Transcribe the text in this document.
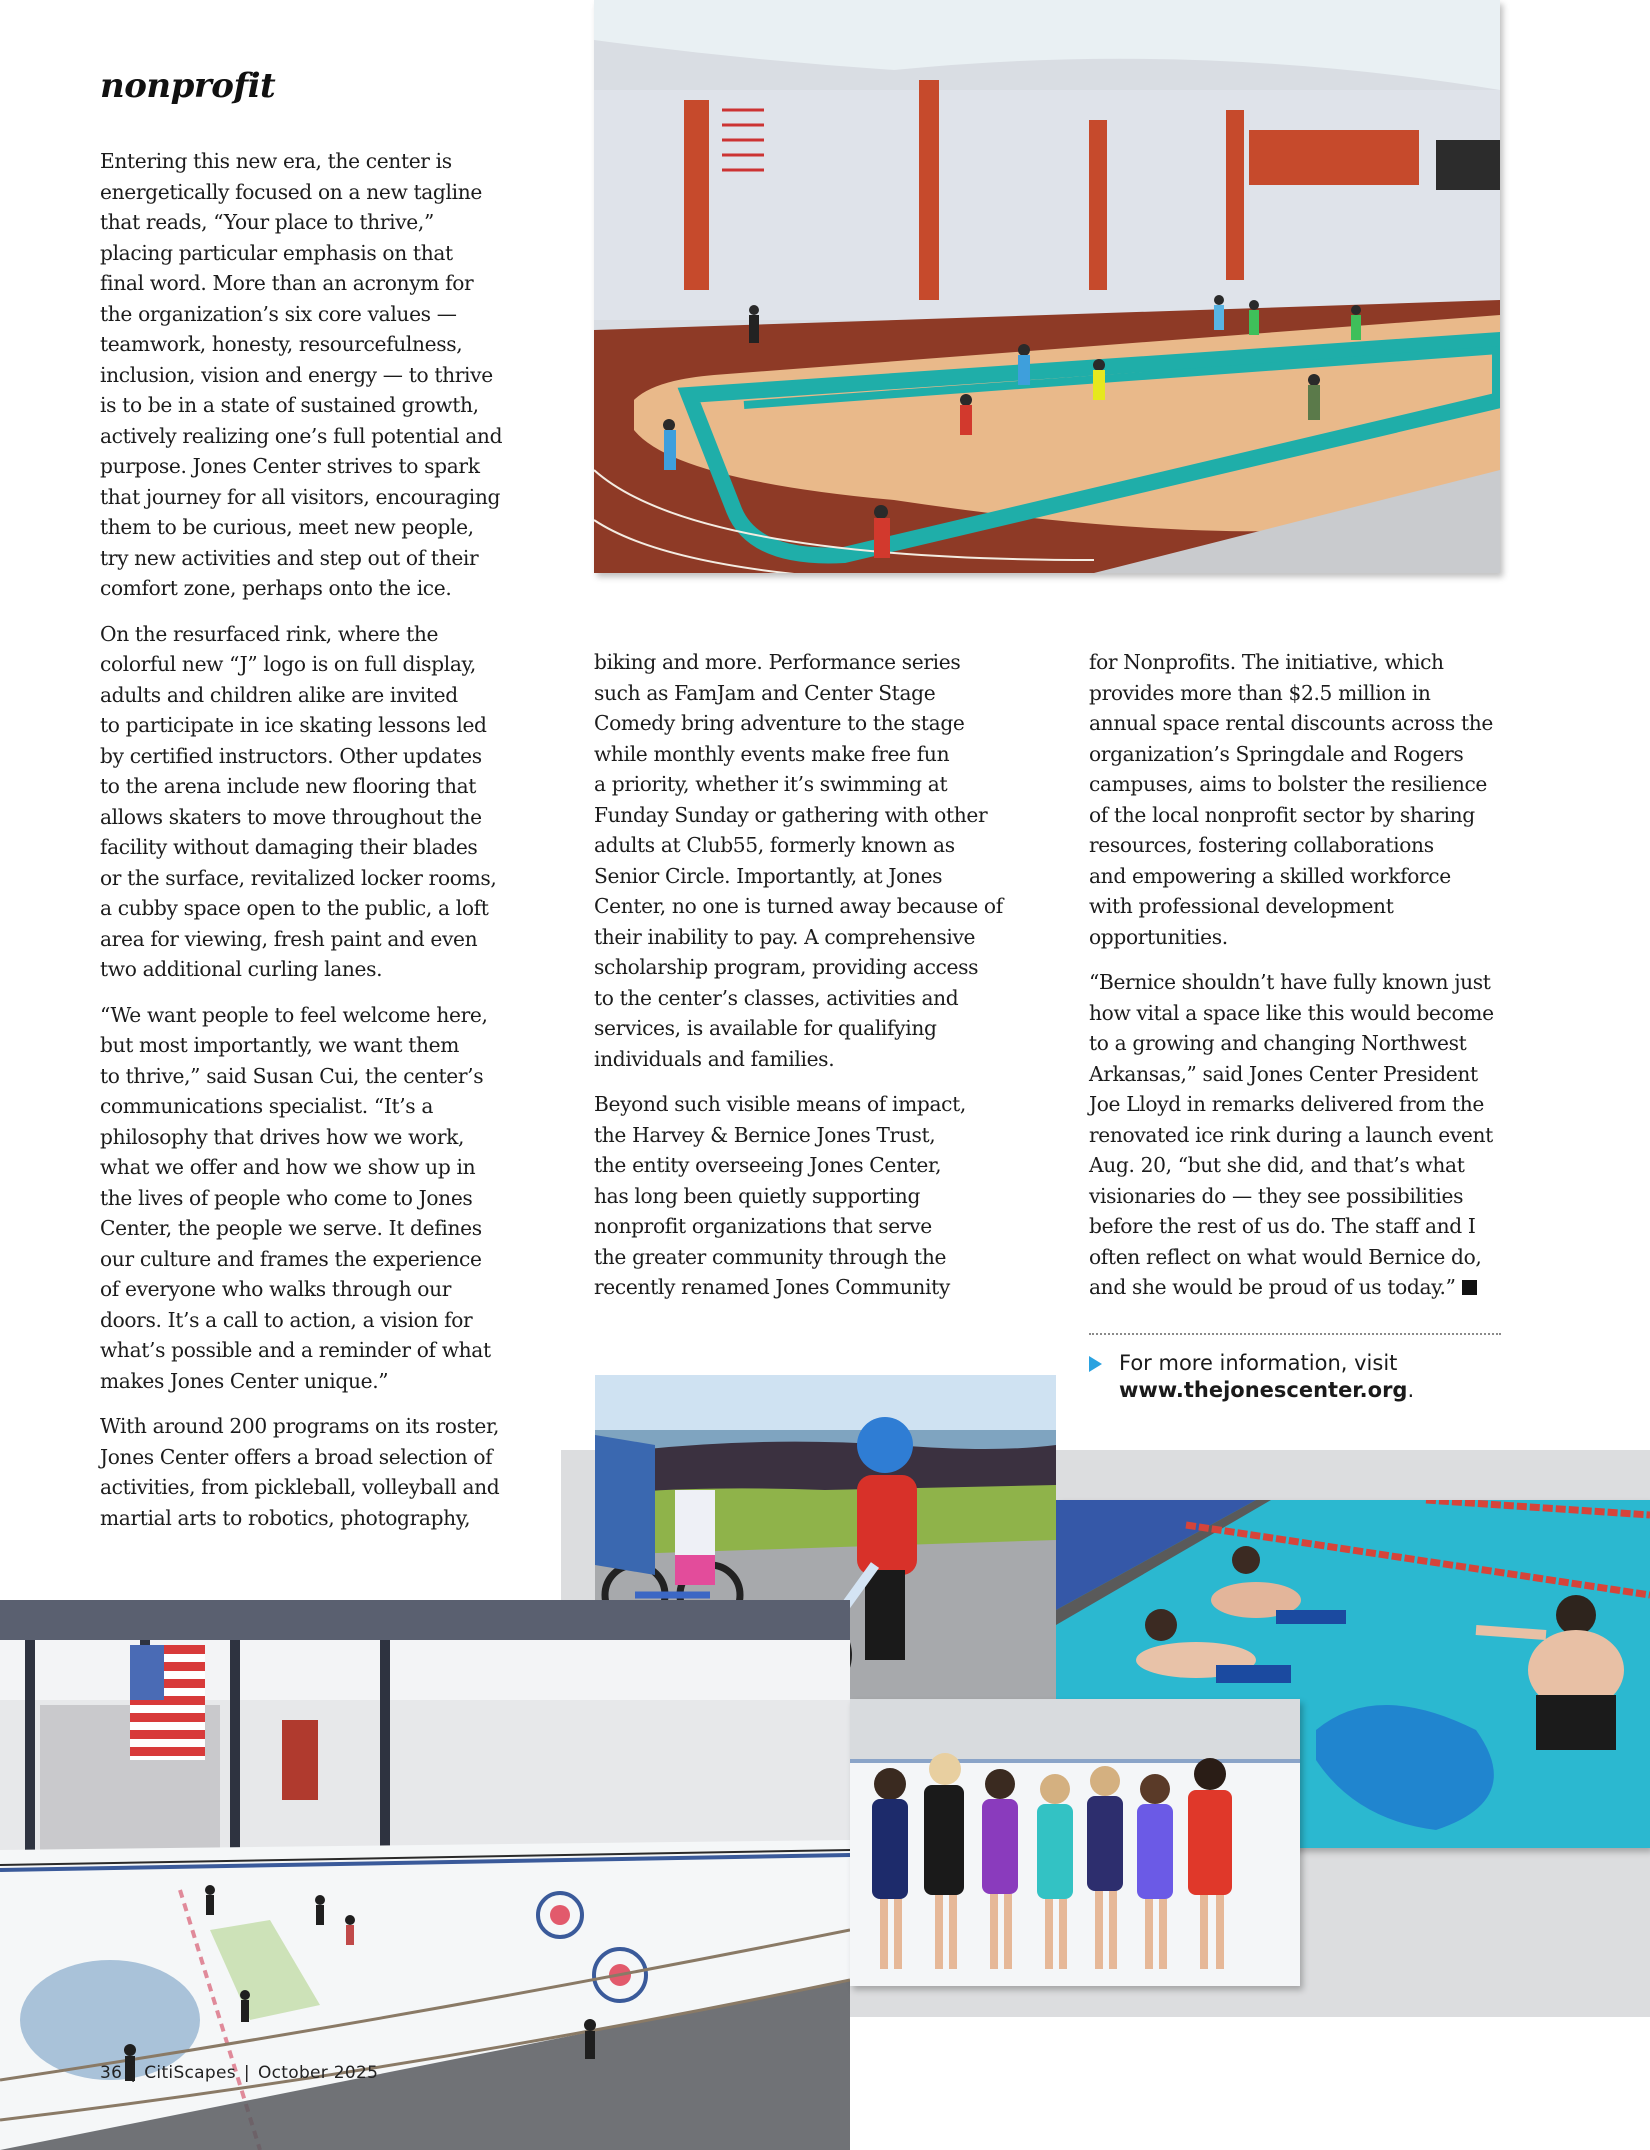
nonprofit

Entering this new era, the center is
energetically focused on a new tagline
that reads, “Your place to thrive,”
placing particular emphasis on that
final word. More than an acronym for
the organization’s six core values —
teamwork, honesty, resourcefulness,
inclusion, vision and energy — to thrive
is to be in a state of sustained growth,
actively realizing one’s full potential and
purpose. Jones Center strives to spark
that journey for all visitors, encouraging
them to be curious, meet new people,
try new activities and step out of their
comfort zone, perhaps onto the ice.

On the resurfaced rink, where the
colorful new “J” logo is on full display,
adults and children alike are invited
to participate in ice skating lessons led
by certified instructors. Other updates
to the arena include new flooring that
allows skaters to move throughout the
facility without damaging their blades
or the surface, revitalized locker rooms,
a cubby space open to the public, a loft
area for viewing, fresh paint and even
two additional curling lanes.

“We want people to feel welcome here,
but most importantly, we want them
to thrive,” said Susan Cui, the center’s
communications specialist. “It’s a
philosophy that drives how we work,
what we offer and how we show up in
the lives of people who come to Jones
Center, the people we serve. It defines
our culture and frames the experience
of everyone who walks through our
doors. It’s a call to action, a vision for
what’s possible and a reminder of what
makes Jones Center unique.”

With around 200 programs on its roster,
Jones Center offers a broad selection of
activities, from pickleball, volleyball and
martial arts to robotics, photography,

biking and more. Performance series
such as FamJam and Center Stage
Comedy bring adventure to the stage
while monthly events make free fun
a priority, whether it’s swimming at
Funday Sunday or gathering with other
adults at Club55, formerly known as
Senior Circle. Importantly, at Jones
Center, no one is turned away because of
their inability to pay. A comprehensive
scholarship program, providing access
to the center’s classes, activities and
services, is available for qualifying
individuals and families.

Beyond such visible means of impact,
the Harvey & Bernice Jones Trust,
the entity overseeing Jones Center,
has long been quietly supporting
nonprofit organizations that serve
the greater community through the
recently renamed Jones Community

for Nonprofits. The initiative, which
provides more than $2.5 million in
annual space rental discounts across the
organization’s Springdale and Rogers
campuses, aims to bolster the resilience
of the local nonprofit sector by sharing
resources, fostering collaborations
and empowering a skilled workforce
with professional development
opportunities.

“Bernice shouldn’t have fully known just
how vital a space like this would become
to a growing and changing Northwest
Arkansas,” said Jones Center President
Joe Lloyd in remarks delivered from the
renovated ice rink during a launch event
Aug. 20, “but she did, and that’s what
visionaries do — they see possibilities
before the rest of us do. The staff and I
often reflect on what would Bernice do,
and she would be proud of us today.”

For more information, visit
www.thejonescenter.org.
36 | CitiScapes | October 2025
